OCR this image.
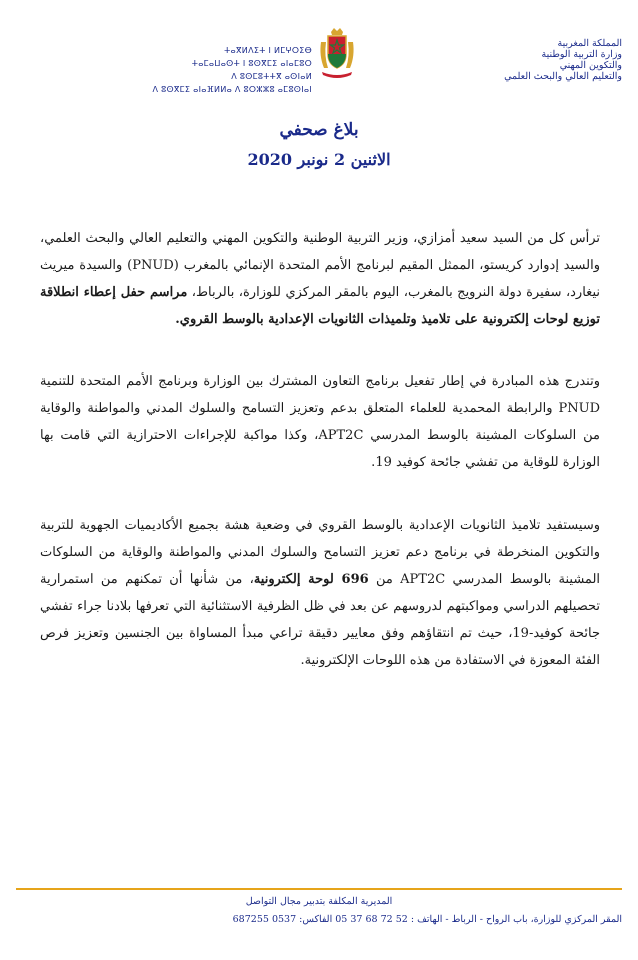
المملكة المغربية
وزارة التربية الوطنية
والتكوين المهني
والتعليم العالي والبحث العلمي
ⵜⴰⴳⵍⴷⵉⵜ ⵏ ⵍⵎⵖⵔⵉⴱ
ⵜⴰⵎⴰⵡⴰⵙⵜ ⵏ ⵓⵙⴳⵎⵉ ⴰⵏⴰⵎⵓⵔ
ⴷ ⵓⵙⵎⵓⵜⵜⴳ ⴰⵙⵏⴰⵍ
ⴷ ⵓⵙⴳⵎⵉ ⴰⵏⴰⴼⵍⵍⴰ ⴷ ⵓⵔⵣⵣⵓ ⴰⵎⵓⵙⵏⴰⵏ
بلاغ صحفي
الاثنين 2 نونبر 2020
ترأس كل من السيد سعيد أمزازي، وزير التربية الوطنية والتكوين المهني والتعليم العالي والبحث العلمي، والسيد إدوارد كريستو، الممثل المقيم لبرنامج الأمم المتحدة الإنمائي بالمغرب (PNUD) والسيدة ميريث نيغارد، سفيرة دولة النرويج بالمغرب، اليوم بالمقر المركزي للوزارة، بالرباط، مراسم حفل إعطاء انطلاقة توزيع لوحات إلكترونية على تلاميذ وتلميذات الثانويات الإعدادية بالوسط القروي.
وتندرج هذه المبادرة في إطار تفعيل برنامج التعاون المشترك بين الوزارة وبرنامج الأمم المتحدة للتنمية PNUD والرابطة المحمدية للعلماء المتعلق بدعم وتعزيز التسامح والسلوك المدني والمواطنة والوقاية من السلوكات المشينة بالوسط المدرسي APT2C، وكذا مواكبة للإجراءات الاحترازية التي قامت بها الوزارة للوقاية من تفشي جائحة كوفيد 19.
وسيستفيد تلاميذ الثانويات الإعدادية بالوسط القروي في وضعية هشة بجميع الأكاديميات الجهوية للتربية والتكوين المنخرطة في برنامج دعم تعزيز التسامح والسلوك المدني والمواطنة والوقاية من السلوكات المشينة بالوسط المدرسي APT2C من 696 لوحة إلكترونية، من شأنها أن تمكنهم من استمرارية تحصيلهم الدراسي ومواكبتهم لدروسهم عن بعد في ظل الظرفية الاستثنائية التي تعرفها بلادنا جراء تفشي جائحة كوفيد-19، حيث تم انتقاؤهم وفق معايير دقيقة تراعي مبدأ المساواة بين الجنسين وتعزيز فرص الفئة المعوزة في الاستفادة من هذه اللوحات الإلكترونية.
المديرية المكلفة بتدبير مجال التواصل
المقر المركزي للوزارة، باب الرواح - الرباط - الهاتف : 52 72 68 37 05 الفاكس: 0537 687255
